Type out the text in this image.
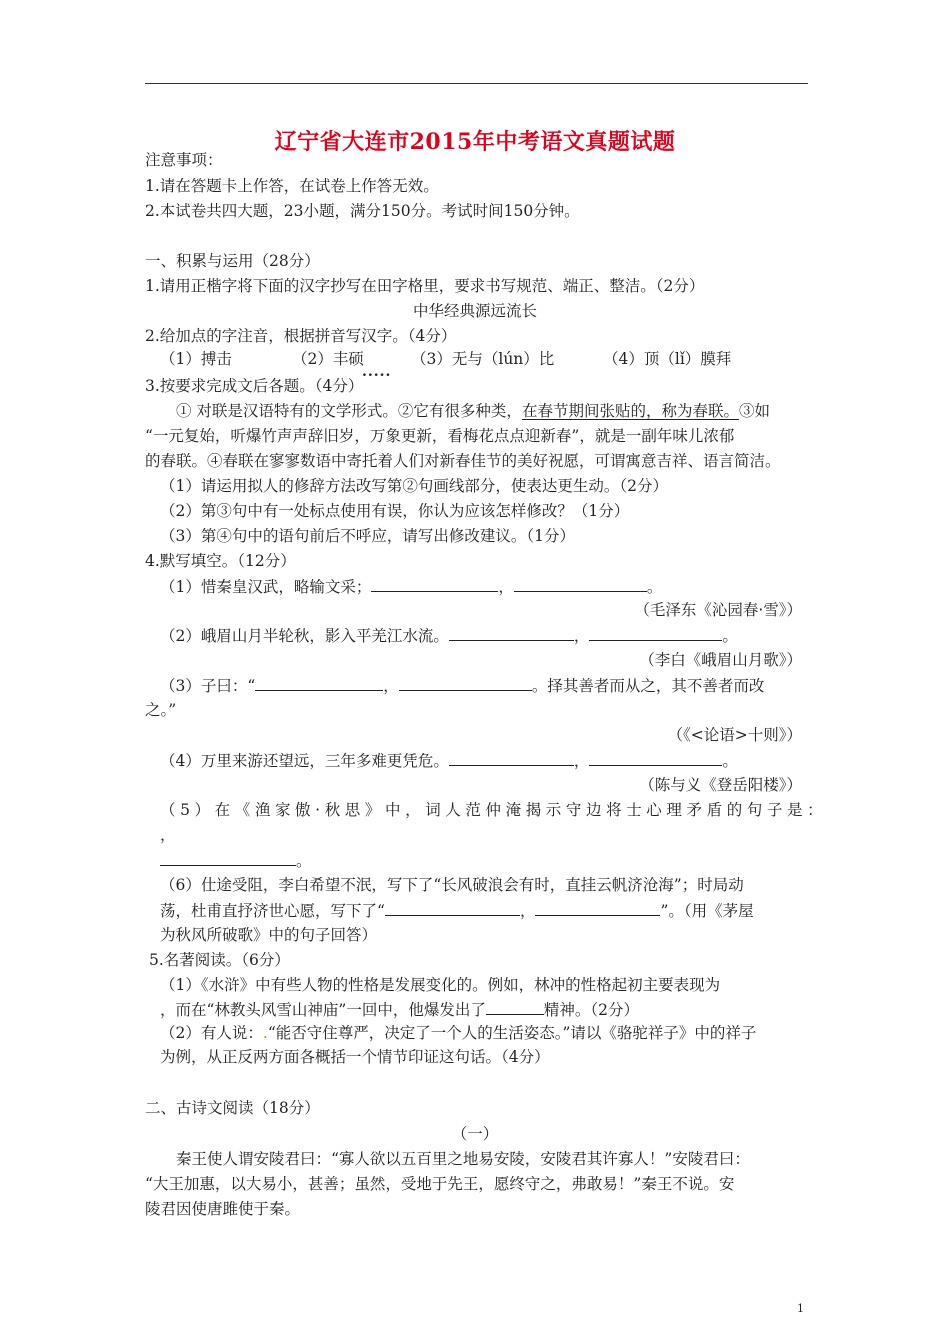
辽宁省大连市2015年中考语文真题试题
注意事项：
1.请在答题卡上作答，在试卷上作答无效。
2.本试卷共四大题，23小题，满分150分。考试时间150分钟。
一、积累与运用（28分）
1.请用正楷字将下面的汉字抄写在田字格里，要求书写规范、端正、整洁。（2分）
中华经典源远流长
2.给加点的字注音，根据拼音写汉字。（4分）
（1）搏击	（2）丰硕	（3）无与（lún）比	（4）顶（lǐ）膜拜
.....
3.按要求完成文后各题。（4分）
① 对联是汉语特有的文学形式。②它有很多种类，在春节期间张贴的，称为春联。③如
“一元复始，听爆竹声声辞旧岁，万象更新，看梅花点点迎新春”，就是一副年味儿浓郁
的春联。④春联在寥寥数语中寄托着人们对新春佳节的美好祝愿，可谓寓意吉祥、语言简洁。
（1）请运用拟人的修辞方法改写第②句画线部分，使表达更生动。（2分）
（2）第③句中有一处标点使用有误，你认为应该怎样修改？（1分）
（3）第④句中的语句前后不呼应，请写出修改建议。（1分）
4.默写填空。（12分）
（1）惜秦皇汉武，略输文采；	，	。
（毛泽东《沁园春·雪》）
（2）峨眉山月半轮秋，影入平羌江水流。	，	。
（李白《峨眉山月歌》）
（3）子曰：“	，	。择其善者而从之，其不善者而改
之。”
（《<论语>十则》）
（4）万里来游还望远，三年多难更凭危。	，	。
（陈与义《登岳阳楼》）
（5）在《渔家傲·秋思》中，词人范仲淹揭示守边将士心理矛盾的句子是：
，
。
（6）仕途受阻，李白希望不泯，写下了“长风破浪会有时，直挂云帆济沧海”；时局动
荡，杜甫直抒济世心愿，写下了“	，	”。（用《茅屋
为秋风所破歌》中的句子回答）
5.名著阅读。（6分）
（1）《水浒》中有些人物的性格是发展变化的。例如，林冲的性格起初主要表现为
，而在“林教头风雪山神庙”一回中，他爆发出了	精神。（2分）
（2）有人说：.“能否守住尊严，决定了一个人的生活姿态。”请以《骆驼祥子》中的祥子
为例，从正反两方面各概括一个情节印证这句话。（4分）
二、古诗文阅读（18分）
（一）
秦王使人谓安陵君曰：“寡人欲以五百里之地易安陵，安陵君其许寡人！”安陵君曰：
“大王加惠，以大易小，甚善；虽然，受地于先王，愿终守之，弗敢易！”秦王不说。安
陵君因使唐雎使于秦。
1
